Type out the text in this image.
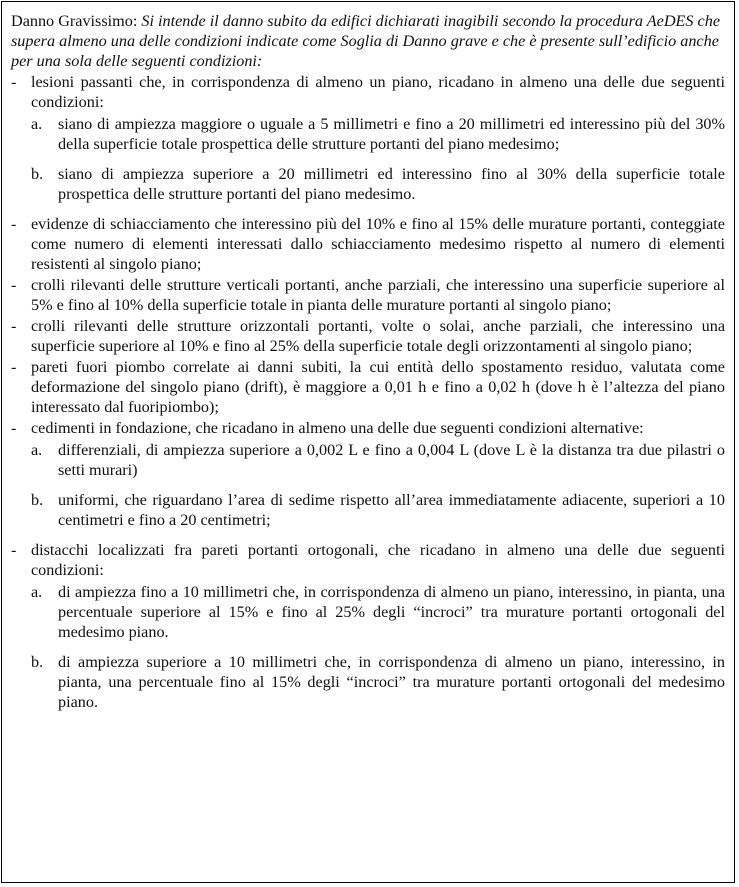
Danno Gravissimo: Si intende il danno subito da edifici dichiarati inagibili secondo la procedura AeDES che supera almeno una delle condizioni indicate come Soglia di Danno grave e che è presente sull’edificio anche per una sola delle seguenti condizioni:

- lesioni passanti che, in corrispondenza di almeno un piano, ricadano in almeno una delle due seguenti condizioni:
a. siano di ampiezza maggiore o uguale a 5 millimetri e fino a 20 millimetri ed interessino più del 30% della superficie totale prospettica delle strutture portanti del piano medesimo;
b. siano di ampiezza superiore a 20 millimetri ed interessino fino al 30% della superficie totale prospettica delle strutture portanti del piano medesimo.
- evidenze di schiacciamento che interessino più del 10% e fino al 15% delle murature portanti, conteggiate come numero di elementi interessati dallo schiacciamento medesimo rispetto al numero di elementi resistenti al singolo piano;
- crolli rilevanti delle strutture verticali portanti, anche parziali, che interessino una superficie superiore al 5% e fino al 10% della superficie totale in pianta delle murature portanti al singolo piano;
- crolli rilevanti delle strutture orizzontali portanti, volte o solai, anche parziali, che interessino una superficie superiore al 10% e fino al 25% della superficie totale degli orizzontamenti al singolo piano;
- pareti fuori piombo correlate ai danni subiti, la cui entità dello spostamento residuo, valutata come deformazione del singolo piano (drift), è maggiore a 0,01 h e fino a 0,02 h (dove h è l’altezza del piano interessato dal fuoripiombo);
- cedimenti in fondazione, che ricadano in almeno una delle due seguenti condizioni alternative:
a. differenziali, di ampiezza superiore a 0,002 L e fino a 0,004 L (dove L è la distanza tra due pilastri o setti murari)
b. uniformi, che riguardano l’area di sedime rispetto all’area immediatamente adiacente, superiori a 10 centimetri e fino a 20 centimetri;
- distacchi localizzati fra pareti portanti ortogonali, che ricadano in almeno una delle due seguenti condizioni:
a. di ampiezza fino a 10 millimetri che, in corrispondenza di almeno un piano, interessino, in pianta, una percentuale superiore al 15% e fino al 25% degli “incroci” tra murature portanti ortogonali del medesimo piano.
b. di ampiezza superiore a 10 millimetri che, in corrispondenza di almeno un piano, interessino, in pianta, una percentuale fino al 15% degli “incroci” tra murature portanti ortogonali del medesimo piano.
